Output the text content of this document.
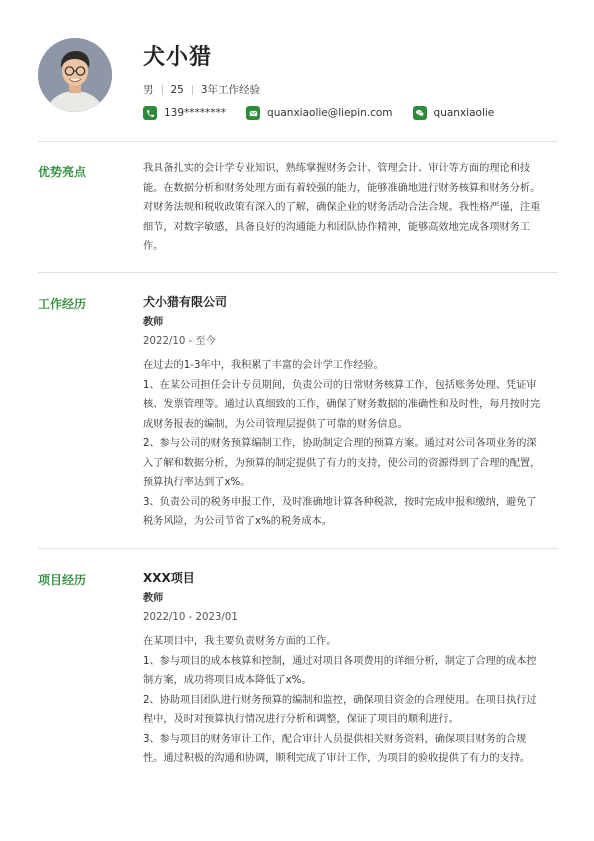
犬小猎
男 25 3年工作经验
139********	quanxiaolie@liepin.com	quanxiaolie
优势亮点	我具备扎实的会计学专业知识，熟练掌握财务会计、管理会计、审计等方面的理论和技

能。在数据分析和财务处理方面有着较强的能力，能够准确地进行财务核算和财务分析。

对财务法规和税收政策有深入的了解，确保企业的财务活动合法合规。我性格严谨，注重

细节，对数字敏感，具备良好的沟通能力和团队协作精神，能够高效地完成各项财务工

作。

工作经历	犬小猎有限公司
教师
2022/10 - 至今

在过去的1-3年中，我积累了丰富的会计学工作经验。

1、在某公司担任会计专员期间，负责公司的日常财务核算工作，包括账务处理、凭证审

核、发票管理等。通过认真细致的工作，确保了财务数据的准确性和及时性，每月按时完

成财务报表的编制，为公司管理层提供了可靠的财务信息。

2、参与公司的财务预算编制工作，协助制定合理的预算方案。通过对公司各项业务的深

入了解和数据分析，为预算的制定提供了有力的支持，使公司的资源得到了合理的配置，

预算执行率达到了x%。

3、负责公司的税务申报工作，及时准确地计算各种税款，按时完成申报和缴纳，避免了

税务风险，为公司节省了x%的税务成本。

项目经历	XXX项目
教师
2022/10 - 2023/01

在某项目中，我主要负责财务方面的工作。

1、参与项目的成本核算和控制，通过对项目各项费用的详细分析，制定了合理的成本控

制方案，成功将项目成本降低了x%。

2、协助项目团队进行财务预算的编制和监控，确保项目资金的合理使用。在项目执行过

程中，及时对预算执行情况进行分析和调整，保证了项目的顺利进行。

3、参与项目的财务审计工作，配合审计人员提供相关财务资料，确保项目财务的合规

性。通过积极的沟通和协调，顺利完成了审计工作，为项目的验收提供了有力的支持。
